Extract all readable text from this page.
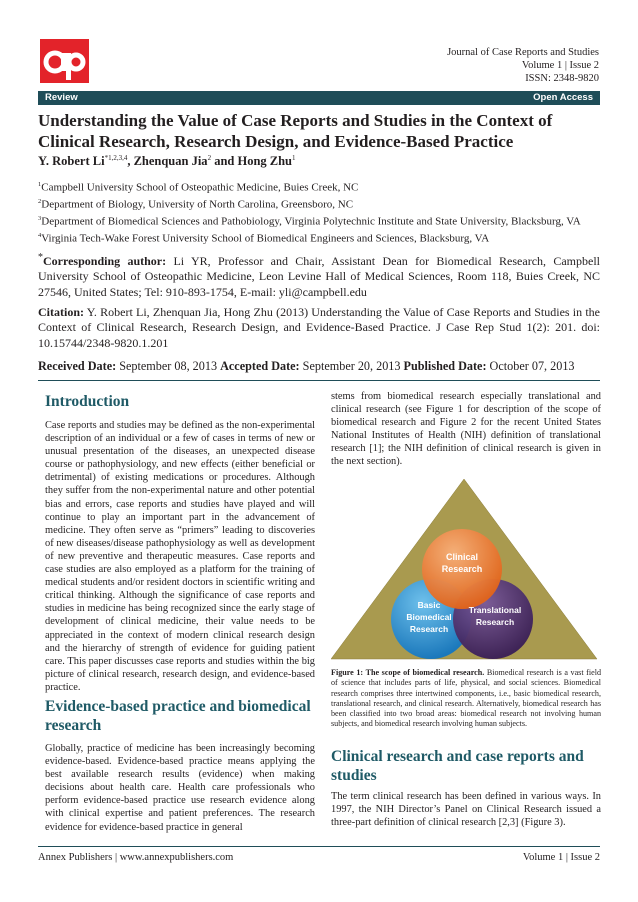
Journal of Case Reports and Studies
Volume 1 | Issue 2
ISSN: 2348-9820
Review	Open Access
Understanding the Value of Case Reports and Studies in the Context of Clinical Research, Research Design, and Evidence-Based Practice
Y. Robert Li$^{*1,2,3,4}$, Zhenquan Jia$^2$ and Hong Zhu$^1$
$^1$Campbell University School of Osteopathic Medicine, Buies Creek, NC
$^2$Department of Biology, University of North Carolina, Greensboro, NC
$^3$Department of Biomedical Sciences and Pathobiology, Virginia Polytechnic Institute and State University, Blacksburg, VA
$^4$Virginia Tech-Wake Forest University School of Biomedical Engineers and Sciences, Blacksburg, VA

*Corresponding author: Li YR, Professor and Chair, Assistant Dean for Biomedical Research, Campbell University School of Osteopathic Medicine, Leon Levine Hall of Medical Sciences, Room 118, Buies Creek, NC 27546, United States; Tel: 910-893-1754, E-mail: yli@campbell.edu

Citation: Y. Robert Li, Zhenquan Jia, Hong Zhu (2013) Understanding the Value of Case Reports and Studies in the Context of Clinical Research, Research Design, and Evidence-Based Practice. J Case Rep Stud 1(2): 201. doi: 10.15744/2348-9820.1.201

Received Date: September 08, 2013 Accepted Date: September 20, 2013 Published Date: October 07, 2013

Introduction

Case reports and studies may be defined as the non-experimental description of an individual or a few of cases in terms of new or unusual presentation of the diseases, an unexpected disease course or pathophysiology, and new effects (either beneficial or detrimental) of existing medications or procedures. Although they suffer from the non-experimental nature and other potential bias and errors, case reports and studies have played and will continue to play an important part in the advancement of medicine. They often serve as “primers” leading to discoveries of new diseases/disease pathophysiology as well as development of new preventive and therapeutic measures. Case reports and case studies are also employed as a platform for the training of medical students and/or resident doctors in scientific writing and critical thinking. Although the significance of case reports and studies in medicine has being recognized since the early stage of development of clinical medicine, their value needs to be appreciated in the context of modern clinical research design and the hierarchy of strength of evidence for guiding patient care. This paper discusses case reports and studies within the big picture of clinical research, research design, and evidence-based practice.

Evidence-based practice and biomedical research

Globally, practice of medicine has been increasingly becoming evidence-based. Evidence-based practice means applying the best available research results (evidence) when making decisions about health care. Health care professionals who perform evidence-based practice use research evidence along with clinical expertise and patient preferences. The research evidence for evidence-based practice in general

stems from biomedical research especially translational and clinical research (see Figure 1 for description of the scope of biomedical research and Figure 2 for the recent United States National Institutes of Health (NIH) definition of translational research [1]; the NIH definition of clinical research is given in the next section).

Clinical
Research
Basic
Biomedical
Research
Translational
Research

Figure 1: The scope of biomedical research. Biomedical research is a vast field of science that includes parts of life, physical, and social sciences. Biomedical research comprises three intertwined components, i.e., basic biomedical research, translational research, and clinical research. Alternatively, biomedical research has been classified into two broad areas: biomedical research not involving human subjects, and biomedical research involving human subjects.

Clinical research and case reports and studies

The term clinical research has been defined in various ways. In 1997, the NIH Director’s Panel on Clinical Research issued a three-part definition of clinical research [2,3] (Figure 3).

Annex Publishers | www.annexpublishers.com	Volume 1 | Issue 2
